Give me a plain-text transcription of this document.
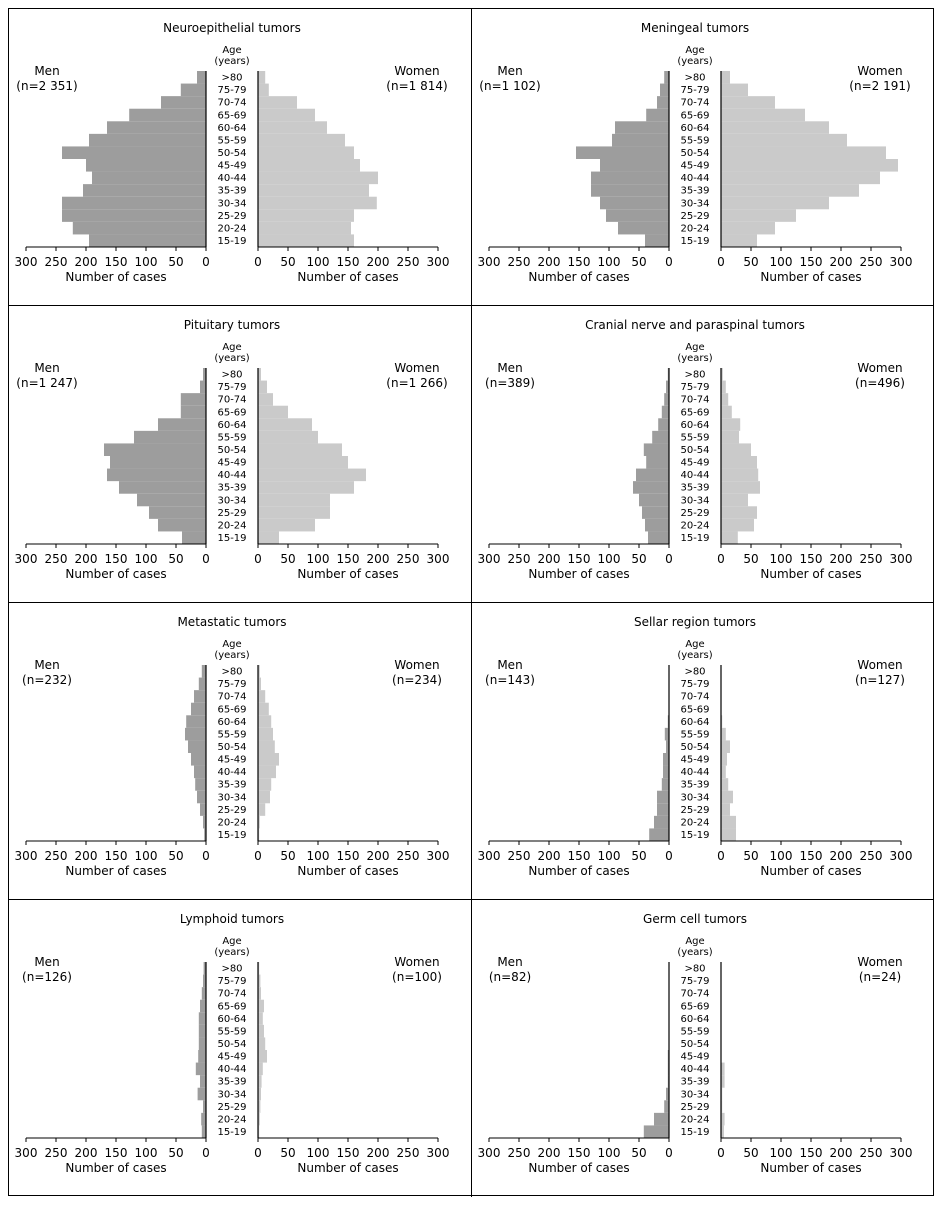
Neuroepithelial tumors
Men
(n=2 351)
Women
(n=1 814)
Age
(years)
>80
75-79
70-74
65-69
60-64
55-59
50-54
45-49
40-44
35-39
30-34
25-29
20-24
15-19
0	0
50	50
100	100
150	150
200	200
250	250
300	300
Number of cases	Number of cases
Meningeal tumors
Men
(n=1 102)
Women
(n=2 191)
Age
(years)
>80
75-79
70-74
65-69
60-64
55-59
50-54
45-49
40-44
35-39
30-34
25-29
20-24
15-19
0	0
50	50
100	100
150	150
200	200
250	250
300	300
Number of cases	Number of cases
Pituitary tumors
Men
(n=1 247)
Women
(n=1 266)
Age
(years)
>80
75-79
70-74
65-69
60-64
55-59
50-54
45-49
40-44
35-39
30-34
25-29
20-24
15-19
0	0
50	50
100	100
150	150
200	200
250	250
300	300
Number of cases	Number of cases
Cranial nerve and paraspinal tumors
Men
(n=389)
Women
(n=496)
Age
(years)
>80
75-79
70-74
65-69
60-64
55-59
50-54
45-49
40-44
35-39
30-34
25-29
20-24
15-19
0	0
50	50
100	100
150	150
200	200
250	250
300	300
Number of cases	Number of cases
Metastatic tumors
Men
(n=232)
Women
(n=234)
Age
(years)
>80
75-79
70-74
65-69
60-64
55-59
50-54
45-49
40-44
35-39
30-34
25-29
20-24
15-19
0	0
50	50
100	100
150	150
200	200
250	250
300	300
Number of cases	Number of cases
Sellar region tumors
Men
(n=143)
Women
(n=127)
Age
(years)
>80
75-79
70-74
65-69
60-64
55-59
50-54
45-49
40-44
35-39
30-34
25-29
20-24
15-19
0	0
50	50
100	100
150	150
200	200
250	250
300	300
Number of cases	Number of cases
Lymphoid tumors
Men
(n=126)
Women
(n=100)
Age
(years)
>80
75-79
70-74
65-69
60-64
55-59
50-54
45-49
40-44
35-39
30-34
25-29
20-24
15-19
0	0
50	50
100	100
150	150
200	200
250	250
300	300
Number of cases	Number of cases
Germ cell tumors
Men
(n=82)
Women
(n=24)
Age
(years)
>80
75-79
70-74
65-69
60-64
55-59
50-54
45-49
40-44
35-39
30-34
25-29
20-24
15-19
0	0
50	50
100	100
150	150
200	200
250	250
300	300
Number of cases	Number of cases
